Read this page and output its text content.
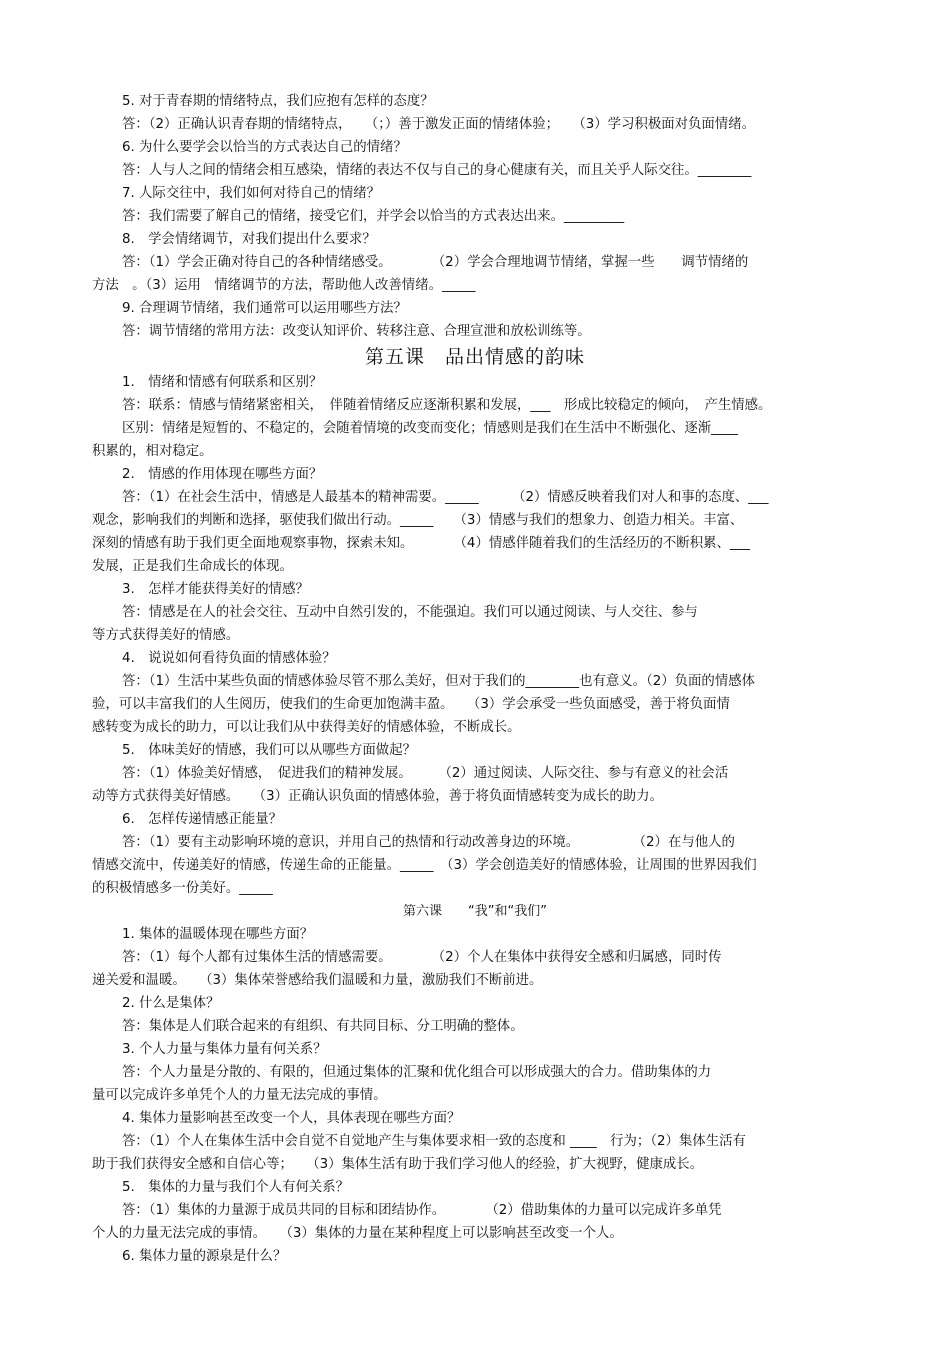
5. 对于青春期的情绪特点，我们应抱有怎样的态度？
答：（2）正确认识青春期的情绪特点，　　（；）善于激发正面的情绪体验；　　（3）学习积极面对负面情绪。
6. 为什么要学会以恰当的方式表达自己的情绪？
答：人与人之间的情绪会相互感染，情绪的表达不仅与自己的身心健康有关，而且关乎人际交往。________
7. 人际交往中，我们如何对待自己的情绪？
答：我们需要了解自己的情绪，接受它们，并学会以恰当的方式表达出来。_________
8.　学会情绪调节，对我们提出什么要求？
答：（1）学会正确对待自己的各种情绪感受。　　　　（2）学会合理地调节情绪，掌握一些　　调节情绪的
方法　。（3）运用　情绪调节的方法，帮助他人改善情绪。_____
9. 合理调节情绪，我们通常可以运用哪些方法？
答：调节情绪的常用方法：改变认知评价、转移注意、合理宣泄和放松训练等。
第五课　品出情感的韵味
1.　情绪和情感有何联系和区别？
答：联系：情感与情绪紧密相关，　伴随着情绪反应逐渐积累和发展，___　形成比较稳定的倾向，　产生情感。
区别：情绪是短暂的、不稳定的，会随着情境的改变而变化；情感则是我们在生活中不断强化、逐渐____
积累的，相对稳定。
2.　情感的作用体现在哪些方面？
答：（1）在社会生活中，情感是人最基本的精神需要。_____　　　（2）情感反映着我们对人和事的态度、___
观念，影响我们的判断和选择，驱使我们做出行动。_____　　（3）情感与我们的想象力、创造力相关。丰富、
深刻的情感有助于我们更全面地观察事物，探索未知。　　　　（4）情感伴随着我们的生活经历的不断积累、___
发展，正是我们生命成长的体现。
3.　怎样才能获得美好的情感？
答：情感是在人的社会交往、互动中自然引发的，不能强迫。我们可以通过阅读、与人交往、参与
等方式获得美好的情感。
4.　说说如何看待负面的情感体验？
答：（1）生活中某些负面的情感体验尽管不那么美好，但对于我们的________也有意义。（2）负面的情感体
验，可以丰富我们的人生阅历，使我们的生命更加饱满丰盈。　　（3）学会承受一些负面感受，善于将负面情
感转变为成长的助力，可以让我们从中获得美好的情感体验，不断成长。
5.　体味美好的情感，我们可以从哪些方面做起？
答：（1）体验美好情感，　促进我们的精神发展。　　　（2）通过阅读、人际交往、参与有意义的社会活
动等方式获得美好情感。　　（3）正确认识负面的情感体验，善于将负面情感转变为成长的助力。
6.　怎样传递情感正能量？
答：（1）要有主动影响环境的意识，并用自己的热情和行动改善身边的环境。　　　　　（2）在与他人的
情感交流中，传递美好的情感，传递生命的正能量。_____　（3）学会创造美好的情感体验，让周围的世界因我们
的积极情感多一份美好。_____
第六课　　“我”和“我们”
1. 集体的温暖体现在哪些方面？
答：（1）每个人都有过集体生活的情感需要。　　　　（2）个人在集体中获得安全感和归属感，同时传
递关爱和温暖。　　（3）集体荣誉感给我们温暖和力量，激励我们不断前进。
2. 什么是集体？
答：集体是人们联合起来的有组织、有共同目标、分工明确的整体。
3. 个人力量与集体力量有何关系？
答：个人力量是分散的、有限的，但通过集体的汇聚和优化组合可以形成强大的合力。借助集体的力
量可以完成许多单凭个人的力量无法完成的事情。
4. 集体力量影响甚至改变一个人，具体表现在哪些方面？
答：（1）个人在集体生活中会自觉不自觉地产生与集体要求相一致的态度和 ____　行为；（2）集体生活有
助于我们获得安全感和自信心等；　　（3）集体生活有助于我们学习他人的经验，扩大视野，健康成长。
5.　集体的力量与我们个人有何关系？
答：（1）集体的力量源于成员共同的目标和团结协作。　　　　（2）借助集体的力量可以完成许多单凭
个人的力量无法完成的事情。　　（3）集体的力量在某种程度上可以影响甚至改变一个人。
6. 集体力量的源泉是什么？
